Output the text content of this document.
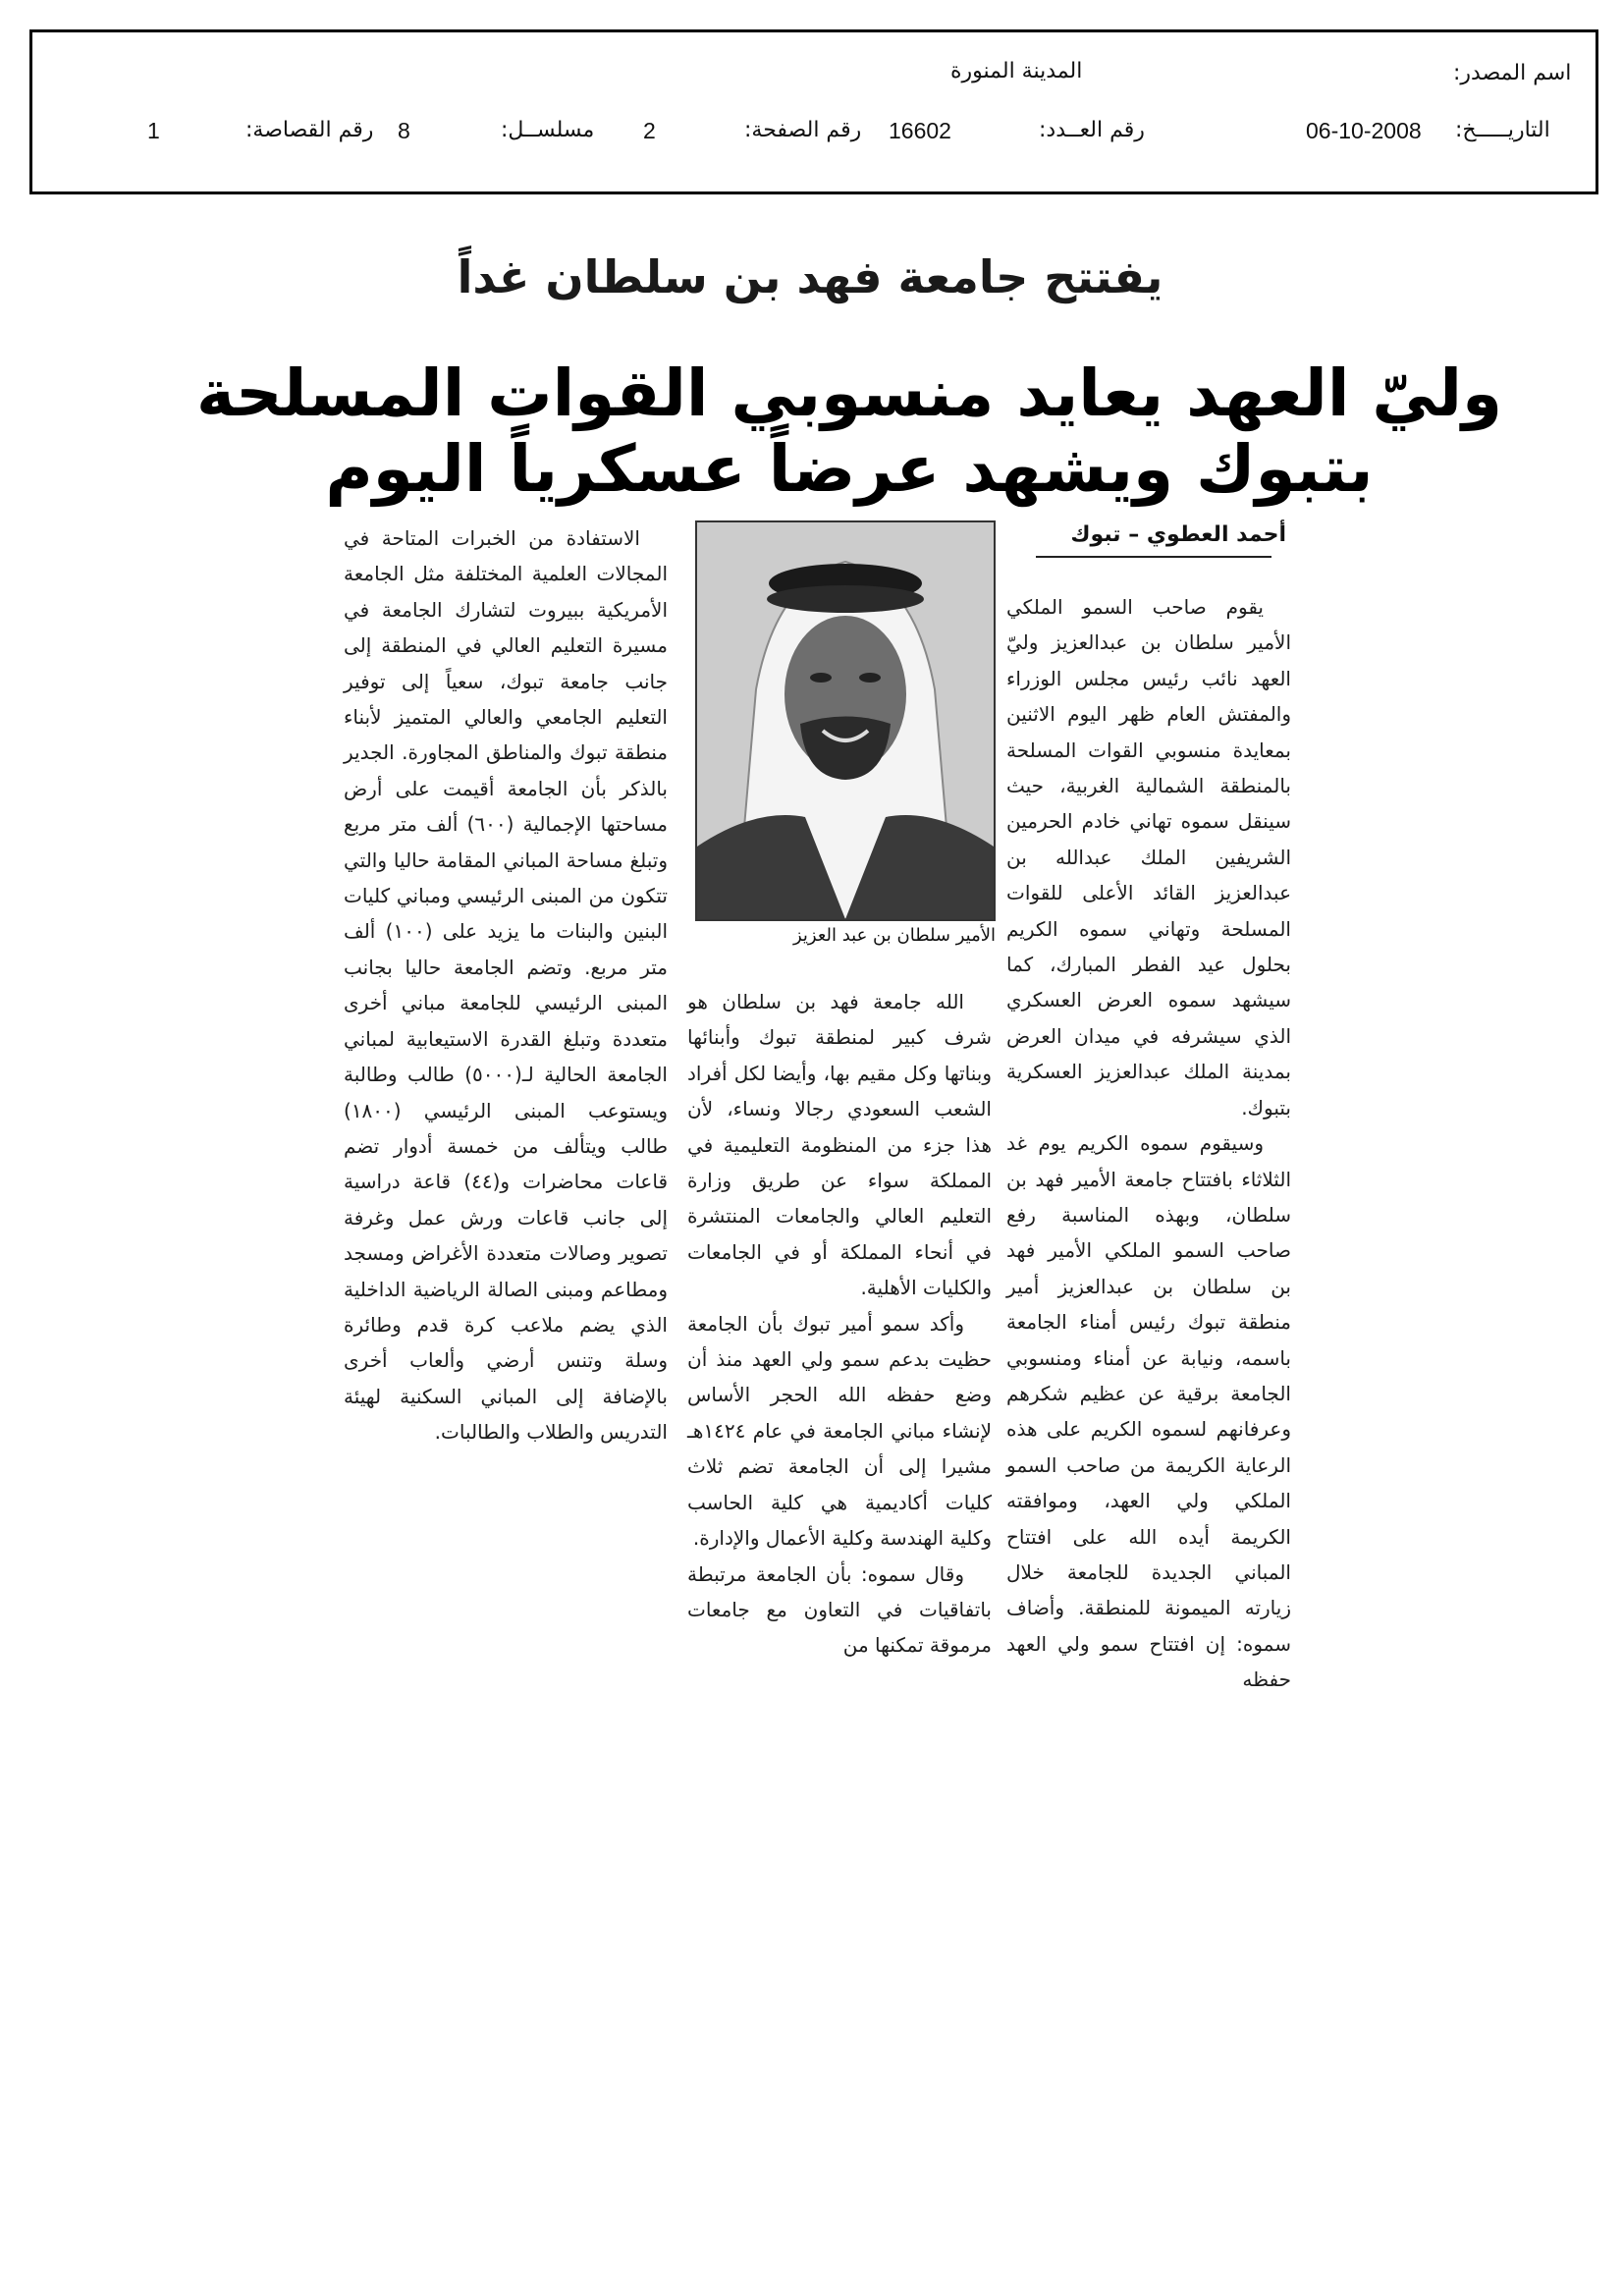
اسم المصدر:
المدينة المنورة
التاريـــــخ:
06-10-2008
رقم العــدد:
16602
رقم الصفحة:
2
مسلســل:
8
رقم القصاصة:
1
يفتتح جامعة فهد بن سلطان غداً
وليّ العهد يعايد منسوبي القوات المسلحة بتبوك ويشهد عرضاً عسكرياً اليوم
أحمد العطوي – تبوك
الأمير سلطان بن عبد العزيز

يقوم صاحب السمو الملكي الأمير سلطان بن عبدالعزيز وليّ العهد نائب رئيس مجلس الوزراء والمفتش العام ظهر اليوم الاثنين بمعايدة منسوبي القوات المسلحة بالمنطقة الشمالية الغربية، حيث سينقل سموه تهاني خادم الحرمين الشريفين الملك عبدالله بن عبدالعزيز القائد الأعلى للقوات المسلحة وتهاني سموه الكريم بحلول عيد الفطر المبارك، كما سيشهد سموه العرض العسكري الذي سيشرفه في ميدان العرض بمدينة الملك عبدالعزيز العسكرية بتبوك.

وسيقوم سموه الكريم يوم غد الثلاثاء بافتتاح جامعة الأمير فهد بن سلطان، وبهذه المناسبة رفع صاحب السمو الملكي الأمير فهد بن سلطان بن عبدالعزيز أمير منطقة تبوك رئيس أمناء الجامعة باسمه، ونيابة عن أمناء ومنسوبي الجامعة برقية عن عظيم شكرهم وعرفانهم لسموه الكريم على هذه الرعاية الكريمة من صاحب السمو الملكي ولي العهد، وموافقته الكريمة أيده الله على افتتاح المباني الجديدة للجامعة خلال زيارته الميمونة للمنطقة. وأضاف سموه: إن افتتاح سمو ولي العهد حفظه

الله جامعة فهد بن سلطان هو شرف كبير لمنطقة تبوك وأبنائها وبناتها وكل مقيم بها، وأيضا لكل أفراد الشعب السعودي رجالا ونساء، لأن هذا جزء من المنظومة التعليمية في المملكة سواء عن طريق وزارة التعليم العالي والجامعات المنتشرة في أنحاء المملكة أو في الجامعات والكليات الأهلية.

وأكد سمو أمير تبوك بأن الجامعة حظيت بدعم سمو ولي العهد منذ أن وضع حفظه الله الحجر الأساس لإنشاء مباني الجامعة في عام ١٤٢٤هـ مشيرا إلى أن الجامعة تضم ثلاث كليات أكاديمية هي كلية الحاسب وكلية الهندسة وكلية الأعمال والإدارة.

وقال سموه: بأن الجامعة مرتبطة باتفاقيات في التعاون مع جامعات مرموقة تمكنها من

الاستفادة من الخبرات المتاحة في المجالات العلمية المختلفة مثل الجامعة الأمريكية ببيروت لتشارك الجامعة في مسيرة التعليم العالي في المنطقة إلى جانب جامعة تبوك، سعياً إلى توفير التعليم الجامعي والعالي المتميز لأبناء منطقة تبوك والمناطق المجاورة. الجدير بالذكر بأن الجامعة أقيمت على أرض مساحتها الإجمالية (٦٠٠) ألف متر مربع وتبلغ مساحة المباني المقامة حاليا والتي تتكون من المبنى الرئيسي ومباني كليات البنين والبنات ما يزيد على (١٠٠) ألف متر مربع. وتضم الجامعة حاليا بجانب المبنى الرئيسي للجامعة مباني أخرى متعددة وتبلغ القدرة الاستيعابية لمباني الجامعة الحالية لـ(٥٠٠٠) طالب وطالبة ويستوعب المبنى الرئيسي (١٨٠٠) طالب ويتألف من خمسة أدوار تضم قاعات محاضرات و(٤٤) قاعة دراسية إلى جانب قاعات ورش عمل وغرفة تصوير وصالات متعددة الأغراض ومسجد ومطاعم ومبنى الصالة الرياضية الداخلية الذي يضم ملاعب كرة قدم وطائرة وسلة وتنس أرضي وألعاب أخرى بالإضافة إلى المباني السكنية لهيئة التدريس والطلاب والطالبات.
